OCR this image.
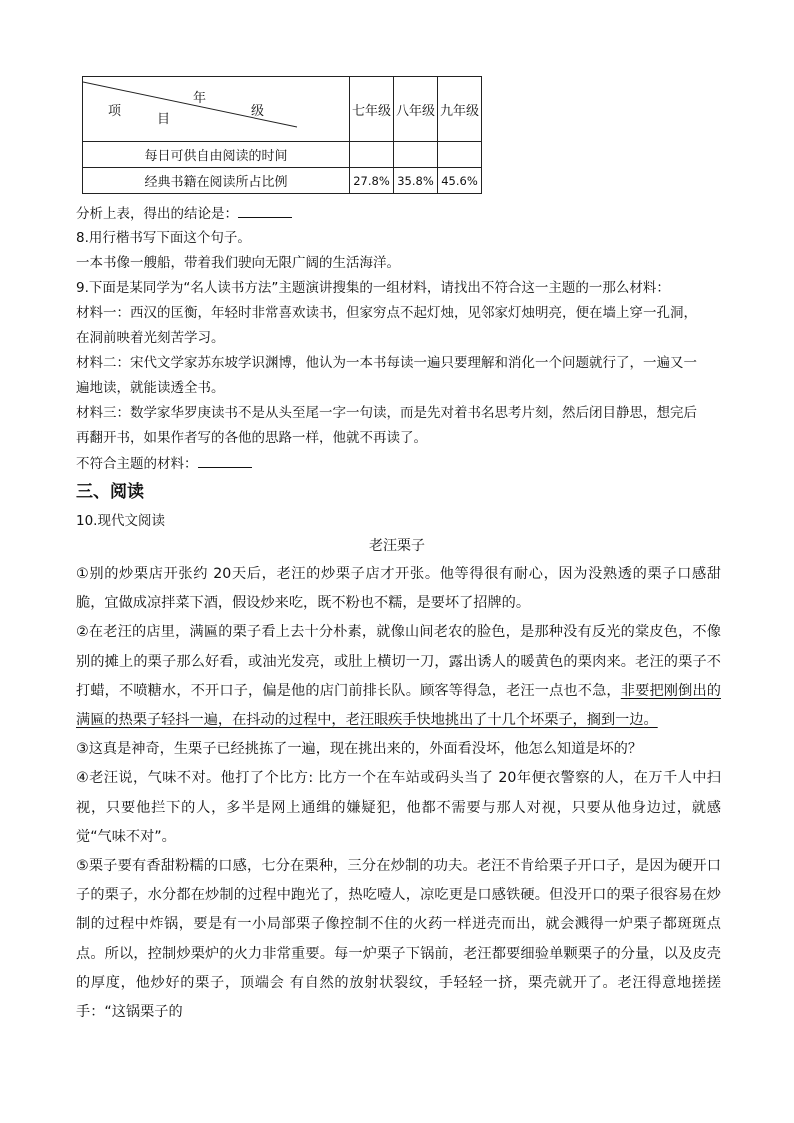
年
级
项
目	七年级	八年级	九年级
每日可供自由阅读的时间			
经典书籍在阅读所占比例	27.8%	35.8%	45.6%
分析上表，得出的结论是：
8.用行楷书写下面这个句子。
一本书像一艘船，带着我们驶向无限广阔的生活海洋。
9.下面是某同学为“名人读书方法”主题演讲搜集的一组材料，请找出不符合这一主题的一那么材料：
材料一：西汉的匡衡，年轻时非常喜欢读书，但家穷点不起灯烛，见邻家灯烛明亮，便在墙上穿一孔洞，
在洞前映着光刻苦学习。
材料二：宋代文学家苏东坡学识渊博，他认为一本书每读一遍只要理解和消化一个问题就行了，一遍又一
遍地读，就能读透全书。
材料三：数学家华罗庚读书不是从头至尾一字一句读，而是先对着书名思考片刻，然后闭目静思，想完后
再翻开书，如果作者写的各他的思路一样，他就不再读了。
不符合主题的材料：
三、阅读
10.现代文阅读
老汪栗子

①别的炒栗店开张约 20天后，老汪的炒栗子店才开张。他等得很有耐心，因为没熟透的栗子口感甜脆，宜做成凉拌菜下酒，假设炒来吃，既不粉也不糯，是要坏了招牌的。

②在老汪的店里，满匾的栗子看上去十分朴素，就像山间老农的脸色，是那种没有反光的棠皮色，不像别的摊上的栗子那么好看，或油光发亮，或肚上横切一刀，露出诱人的暖黄色的栗肉来。老汪的栗子不打蜡，不喷糖水，不开口子，偏是他的店门前排长队。顾客等得急，老汪一点也不急，非要把刚倒出的满匾的热栗子轻抖一遍，在抖动的过程中，老汪眼疾手快地挑出了十几个坏栗子，搁到一边。

③这真是神奇，生栗子已经挑拣了一遍，现在挑出来的，外面看没坏，他怎么知道是坏的？

④老汪说，气味不对。他打了个比方: 比方一个在车站或码头当了 20年便衣警察的人，在万千人中扫视，只要他拦下的人，多半是网上通缉的嫌疑犯，他都不需要与那人对视，只要从他身边过，就感觉“气味不对”。

⑤栗子要有香甜粉糯的口感，七分在栗种，三分在炒制的功夫。老汪不肯给栗子开口子，是因为硬开口子的栗子，水分都在炒制的过程中跑光了，热吃噎人，凉吃更是口感铁硬。但没开口的栗子很容易在炒制的过程中炸锅，要是有一小局部栗子像控制不住的火药一样迸壳而出，就会溅得一炉栗子都斑斑点点。所以，控制炒栗炉的火力非常重要。每一炉栗子下锅前，老汪都要细验单颗栗子的分量，以及皮壳的厚度，他炒好的栗子，顶端会 有自然的放射状裂纹，手轻轻一挤，栗壳就开了。老汪得意地搓搓手：“这锅栗子的
